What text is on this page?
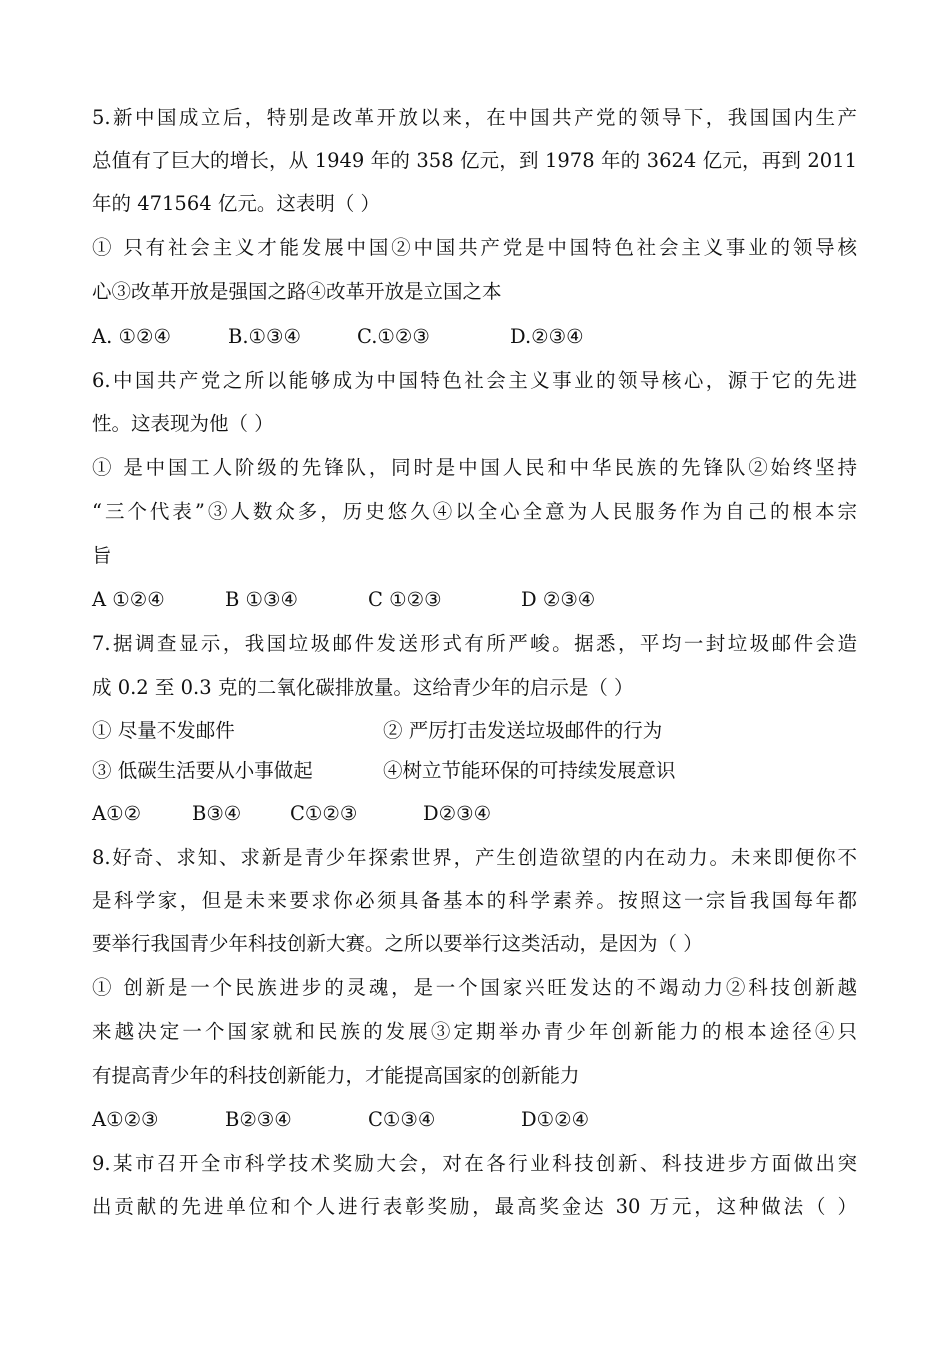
5.新中国成立后，特别是改革开放以来，在中国共产党的领导下，我国国内生产
总值有了巨大的增长，从 1949 年的 358 亿元，到 1978 年的 3624 亿元，再到 2011
年的 471564 亿元。这表明（ ）
① 只有社会主义才能发展中国②中国共产党是中国特色社会主义事业的领导核
心③改革开放是强国之路④改革开放是立国之本
A. ①②④	B.①③④	C.①②③	D.②③④
6.中国共产党之所以能够成为中国特色社会主义事业的领导核心，源于它的先进
性。这表现为他（ ）
① 是中国工人阶级的先锋队，同时是中国人民和中华民族的先锋队②始终坚持
“三个代表”③人数众多，历史悠久④以全心全意为人民服务作为自己的根本宗
旨
A ①②④	B ①③④	C ①②③	D ②③④
7.据调查显示，我国垃圾邮件发送形式有所严峻。据悉，平均一封垃圾邮件会造
成 0.2 至 0.3 克的二氧化碳排放量。这给青少年的启示是（ ）
① 尽量不发邮件	② 严厉打击发送垃圾邮件的行为
③ 低碳生活要从小事做起	④树立节能环保的可持续发展意识
A①②	B③④ C①②③	D②③④
8.好奇、求知、求新是青少年探索世界，产生创造欲望的内在动力。未来即便你不
是科学家，但是未来要求你必须具备基本的科学素养。按照这一宗旨我国每年都
要举行我国青少年科技创新大赛。之所以要举行这类活动，是因为（ ）
① 创新是一个民族进步的灵魂，是一个国家兴旺发达的不竭动力②科技创新越
来越决定一个国家就和民族的发展③定期举办青少年创新能力的根本途径④只
有提高青少年的科技创新能力，才能提高国家的创新能力
A①②③	B②③④	C①③④	D①②④
9.某市召开全市科学技术奖励大会，对在各行业科技创新、科技进步方面做出突
出贡献的先进单位和个人进行表彰奖励，最高奖金达 30 万元，这种做法（ ）
